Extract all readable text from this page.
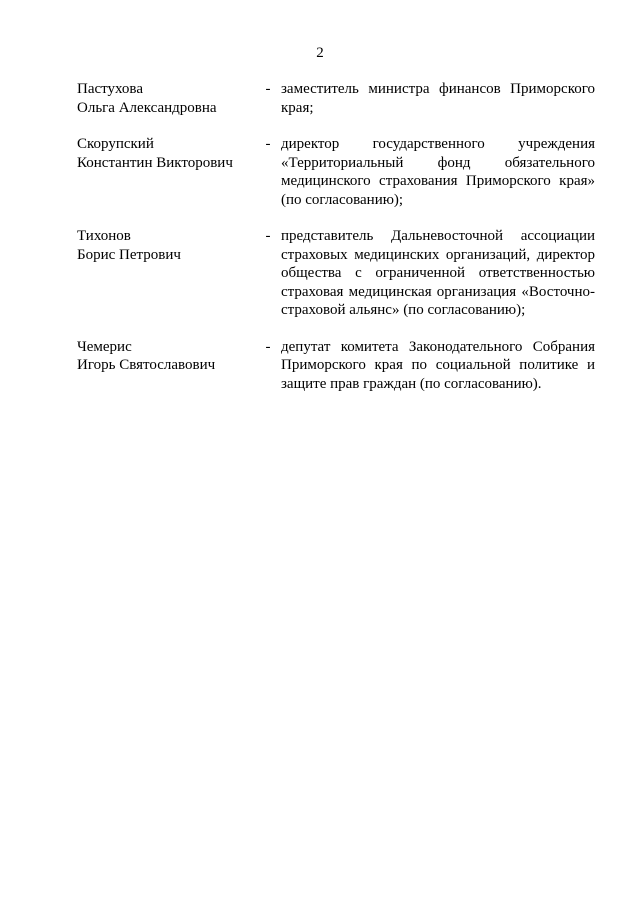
2
Пастухова
Ольга Александровна
- заместитель министра финансов Приморского края;
Скорупский
Константин Викторович
- директор государственного учреждения «Территориальный фонд обязательного медицинского страхования Приморского края» (по согласованию);
Тихонов
Борис Петрович
- представитель Дальневосточной ассоциации страховых медицинских организаций, директор общества с ограниченной ответственностью страховая медицинская организация «Восточно-страховой альянс» (по согласованию);
Чемерис
Игорь Святославович
- депутат комитета Законодательного Собрания Приморского края по социальной политике и защите прав граждан (по согласованию).
